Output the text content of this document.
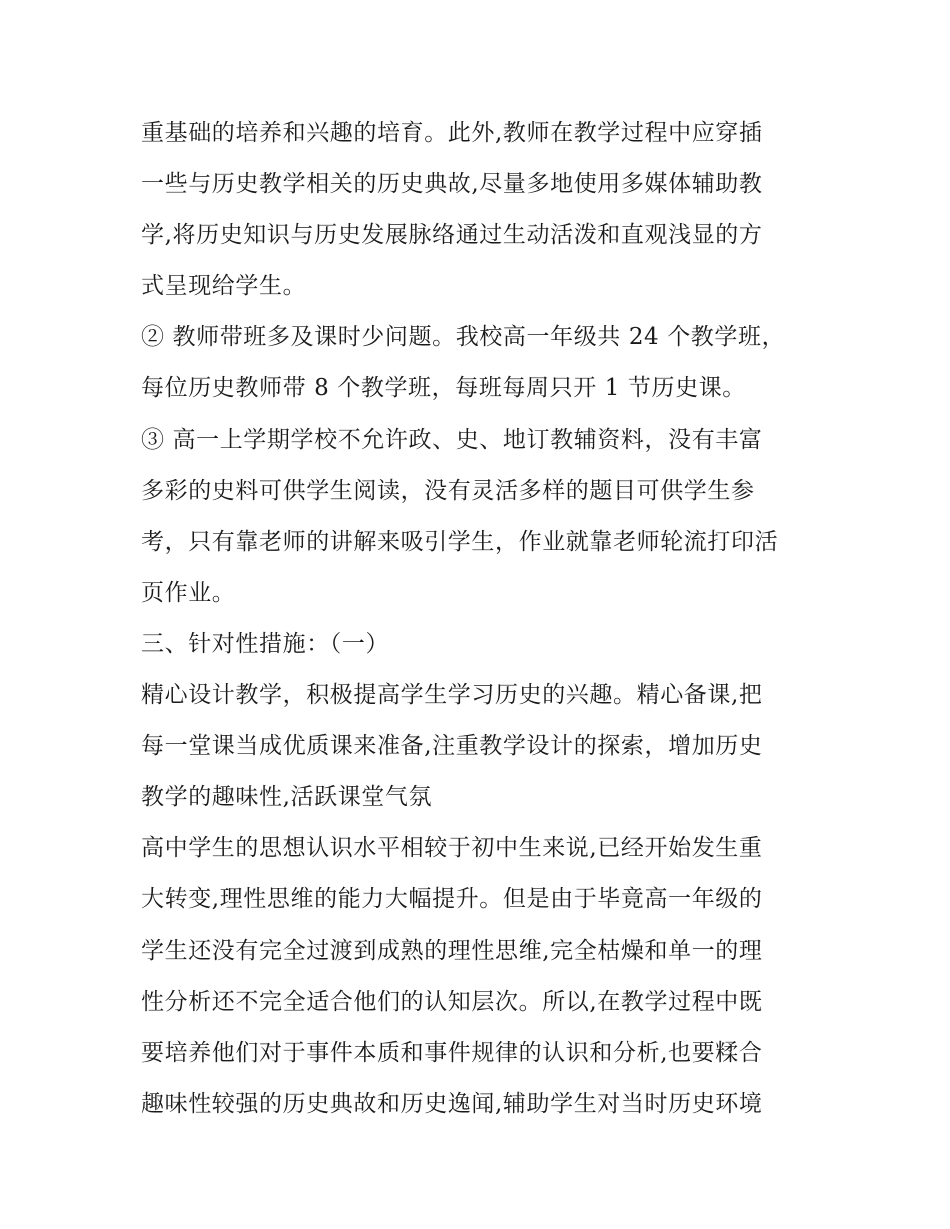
重基础的培养和兴趣的培育。此外,教师在教学过程中应穿插
一些与历史教学相关的历史典故,尽量多地使用多媒体辅助教
学,将历史知识与历史发展脉络通过生动活泼和直观浅显的方
式呈现给学生。
② 教师带班多及课时少问题。我校高一年级共 24 个教学班，
每位历史教师带 8 个教学班，每班每周只开 1 节历史课。
③ 高一上学期学校不允许政、史、地订教辅资料，没有丰富
多彩的史料可供学生阅读，没有灵活多样的题目可供学生参
考，只有靠老师的讲解来吸引学生，作业就靠老师轮流打印活
页作业。
三、针对性措施：（一）
精心设计教学，积极提高学生学习历史的兴趣。精心备课,把
每一堂课当成优质课来准备,注重教学设计的探索，增加历史
教学的趣味性,活跃课堂气氛
高中学生的思想认识水平相较于初中生来说,已经开始发生重
大转变,理性思维的能力大幅提升。但是由于毕竟高一年级的
学生还没有完全过渡到成熟的理性思维,完全枯燥和单一的理
性分析还不完全适合他们的认知层次。所以,在教学过程中既
要培养他们对于事件本质和事件规律的认识和分析,也要糅合
趣味性较强的历史典故和历史逸闻,辅助学生对当时历史环境
